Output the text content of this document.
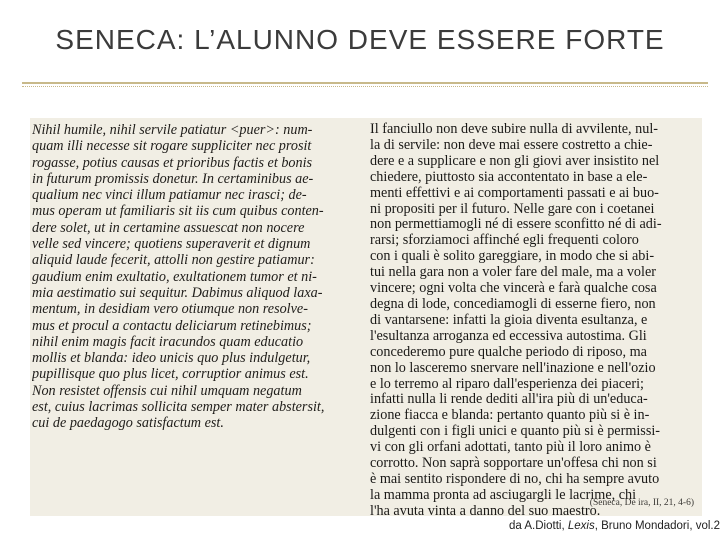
SENECA: L’ALUNNO DEVE ESSERE FORTE
Nihil humile, nihil servile patiatur <puer>: num-
quam illi necesse sit rogare suppliciter nec prosit
rogasse, potius causas et prioribus factis et bonis
in futurum promissis donetur. In certaminibus ae-
qualium nec vinci illum patiamur nec irasci; de-
mus operam ut familiaris sit iis cum quibus conten-
dere solet, ut in certamine assuescat non nocere
velle sed vincere; quotiens superaverit et dignum
aliquid laude fecerit, attolli non gestire patiamur:
gaudium enim exultatio, exultationem tumor et ni-
mia aestimatio sui sequitur. Dabimus aliquod laxa-
mentum, in desidiam vero otiumque non resolve-
mus et procul a contactu deliciarum retinebimus;
nihil enim magis facit iracundos quam educatio
mollis et blanda: ideo unicis quo plus indulgetur,
pupillisque quo plus licet, corruptior animus est.
Non resistet offensis cui nihil umquam negatum
est, cuius lacrimas sollicita semper mater abstersit,
cui de paedagogo satisfactum est.
(Seneca, De ira, II, 21, 4-6)
Il fanciullo non deve subire nulla di avvilente, nul-
la di servile: non deve mai essere costretto a chie-
dere e a supplicare e non gli giovi aver insistito nel
chiedere, piuttosto sia accontentato in base a ele-
menti effettivi e ai comportamenti passati e ai buo-
ni propositi per il futuro. Nelle gare con i coetanei
non permettiamogli né di essere sconfitto né di adi-
rarsi; sforziamoci affinché egli frequenti coloro
con i quali è solito gareggiare, in modo che si abi-
tui nella gara non a voler fare del male, ma a voler
vincere; ogni volta che vincerà e farà qualche cosa
degna di lode, concediamogli di esserne fiero, non
di vantarsene: infatti la gioia diventa esultanza, e
l'esultanza arroganza ed eccessiva autostima. Gli
concederemo pure qualche periodo di riposo, ma
non lo lasceremo snervare nell'inazione e nell'ozio
e lo terremo al riparo dall'esperienza dei piaceri;
infatti nulla li rende dediti all'ira più di un'educa-
zione fiacca e blanda: pertanto quanto più si è in-
dulgenti con i figli unici e quanto più si è permissi-
vi con gli orfani adottati, tanto più il loro animo è
corrotto. Non saprà sopportare un'offesa chi non si
è mai sentito rispondere di no, chi ha sempre avuto
la mamma pronta ad asciugargli le lacrime, chi
l'ha avuta vinta a danno del suo maestro.
da A.Diotti, Lexis, Bruno Mondadori, vol.2
